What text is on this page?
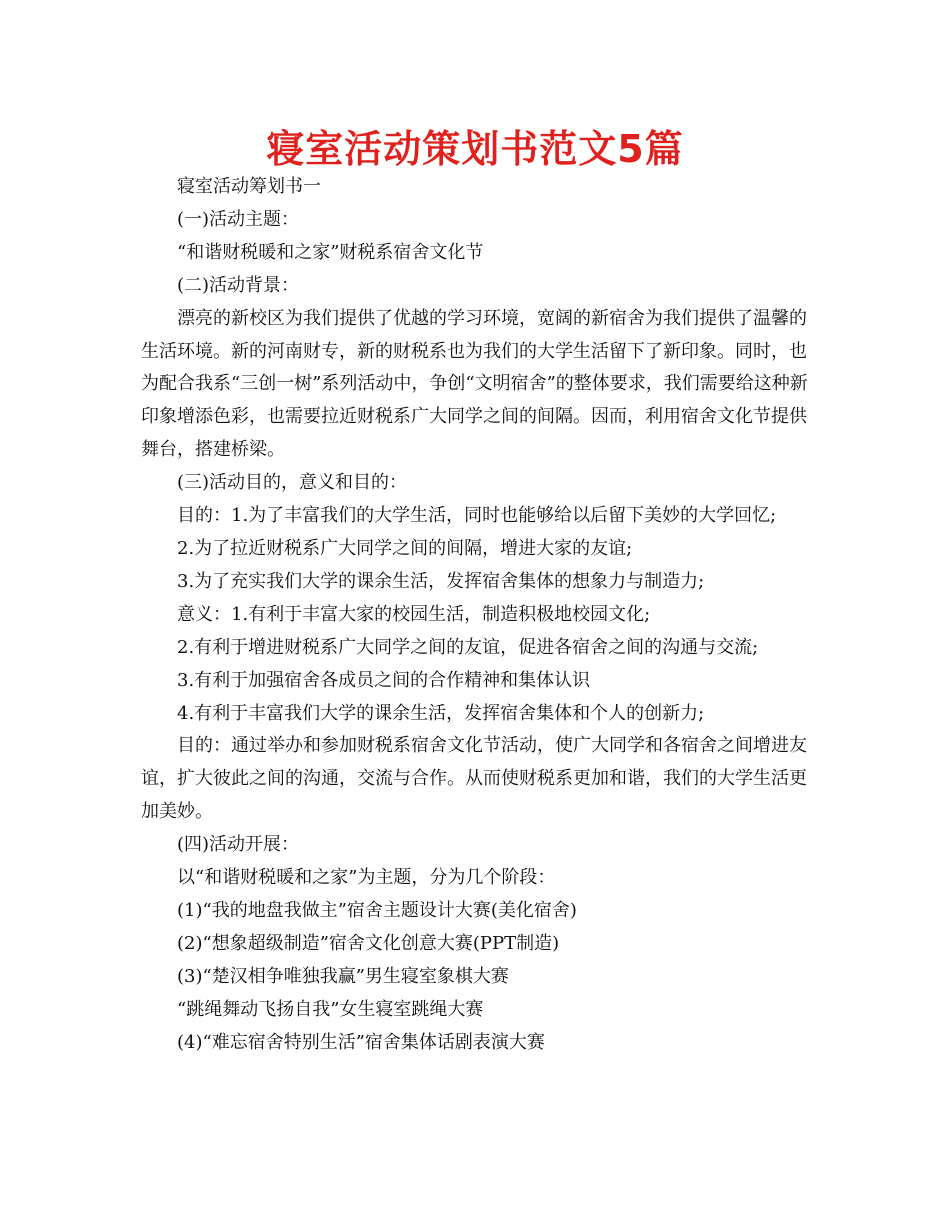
寝室活动策划书范文5篇

寝室活动筹划书一

(一)活动主题：

“和谐财税暖和之家”财税系宿舍文化节

(二)活动背景：

漂亮的新校区为我们提供了优越的学习环境，宽阔的新宿舍为我们提供了温馨的生活环境。新的河南财专，新的财税系也为我们的大学生活留下了新印象。同时，也为配合我系“三创一树”系列活动中，争创“文明宿舍”的整体要求，我们需要给这种新印象增添色彩，也需要拉近财税系广大同学之间的间隔。因而，利用宿舍文化节提供舞台，搭建桥梁。

(三)活动目的，意义和目的：

目的：1.为了丰富我们的大学生活，同时也能够给以后留下美妙的大学回忆;

2.为了拉近财税系广大同学之间的间隔，增进大家的友谊;

3.为了充实我们大学的课余生活，发挥宿舍集体的想象力与制造力;

意义：1.有利于丰富大家的校园生活，制造积极地校园文化;

2.有利于增进财税系广大同学之间的友谊，促进各宿舍之间的沟通与交流;

3.有利于加强宿舍各成员之间的合作精神和集体认识

4.有利于丰富我们大学的课余生活，发挥宿舍集体和个人的创新力;

目的：通过举办和参加财税系宿舍文化节活动，使广大同学和各宿舍之间增进友谊，扩大彼此之间的沟通，交流与合作。从而使财税系更加和谐，我们的大学生活更加美妙。

(四)活动开展：

以“和谐财税暖和之家”为主题，分为几个阶段：

(1)“我的地盘我做主”宿舍主题设计大赛(美化宿舍)

(2)“想象超级制造”宿舍文化创意大赛(PPT制造)

(3)“楚汉相争唯独我赢”男生寝室象棋大赛

“跳绳舞动飞扬自我”女生寝室跳绳大赛

(4)“难忘宿舍特别生活”宿舍集体话剧表演大赛
